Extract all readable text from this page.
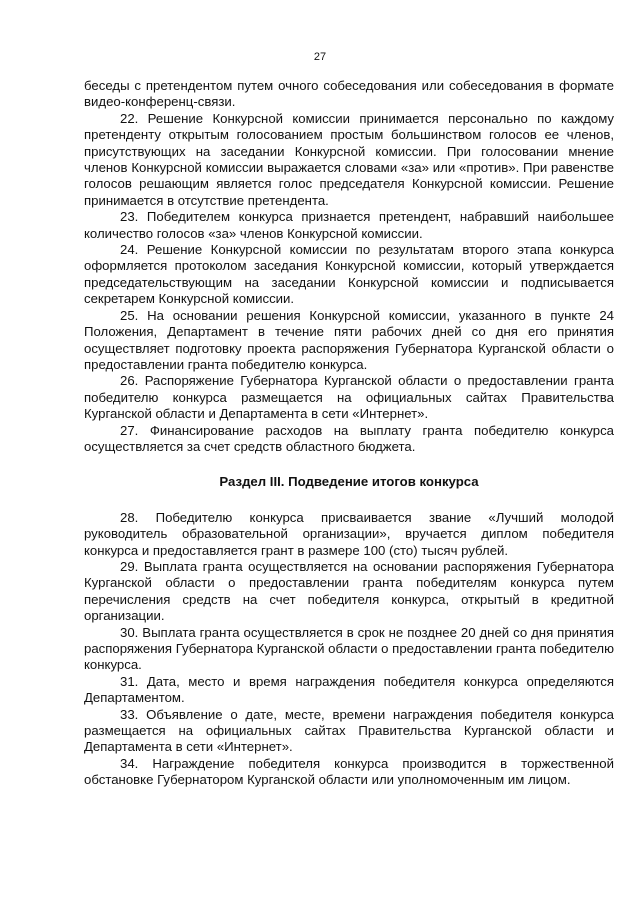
27

беседы с претендентом путем очного собеседования или собеседования в формате видео-конференц-связи.

22. Решение Конкурсной комиссии принимается персонально по каждому претенденту открытым голосованием простым большинством голосов ее членов, присутствующих на заседании Конкурсной комиссии. При голосовании мнение членов Конкурсной комиссии выражается словами «за» или «против». При равенстве голосов решающим является голос председателя Конкурсной комиссии. Решение принимается в отсутствие претендента.

23. Победителем конкурса признается претендент, набравший наибольшее количество голосов «за» членов Конкурсной комиссии.

24. Решение Конкурсной комиссии по результатам второго этапа конкурса оформляется протоколом заседания Конкурсной комиссии, который утверждается председательствующим на заседании Конкурсной комиссии и подписывается секретарем Конкурсной комиссии.

25. На основании решения Конкурсной комиссии, указанного в пункте 24 Положения, Департамент в течение пяти рабочих дней со дня его принятия осуществляет подготовку проекта распоряжения Губернатора Курганской области о предоставлении гранта победителю конкурса.

26. Распоряжение Губернатора Курганской области о предоставлении гранта победителю конкурса размещается на официальных сайтах Правительства Курганской области и Департамента в сети «Интернет».

27. Финансирование расходов на выплату гранта победителю конкурса осуществляется за счет средств областного бюджета.

Раздел III. Подведение итогов конкурса

28. Победителю конкурса присваивается звание «Лучший молодой руководитель образовательной организации», вручается диплом победителя конкурса и предоставляется грант в размере 100 (сто) тысяч рублей.

29. Выплата гранта осуществляется на основании распоряжения Губернатора Курганской области о предоставлении гранта победителям конкурса путем перечисления средств на счет победителя конкурса, открытый в кредитной организации.

30. Выплата гранта осуществляется в срок не позднее 20 дней со дня принятия распоряжения Губернатора Курганской области о предоставлении гранта победителю конкурса.

31. Дата, место и время награждения победителя конкурса определяются Департаментом.

33. Объявление о дате, месте, времени награждения победителя конкурса размещается на официальных сайтах Правительства Курганской области и Департамента в сети «Интернет».

34. Награждение победителя конкурса производится в торжественной обстановке Губернатором Курганской области или уполномоченным им лицом.
